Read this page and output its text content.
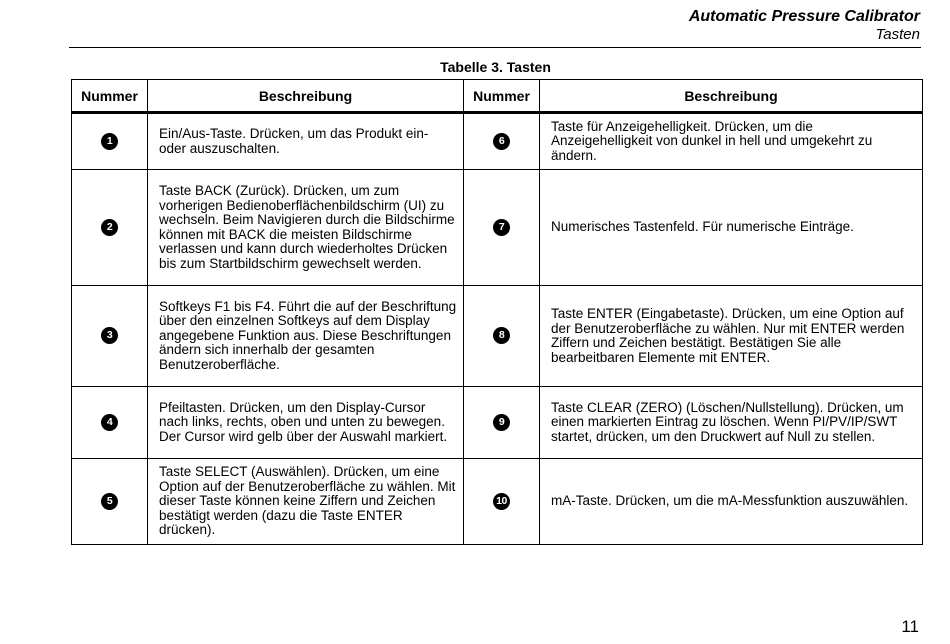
Automatic Pressure Calibrator
Tasten
Tabelle 3. Tasten
Nummer	Beschreibung	Nummer	Beschreibung
1	Ein/Aus-Taste. Drücken, um das Produkt ein- oder auszuschalten.	6	Taste für Anzeigehelligkeit. Drücken, um die Anzeigehelligkeit von dunkel in hell und umgekehrt zu ändern.
2	Taste BACK (Zurück). Drücken, um zum vorherigen Bedienoberflächenbildschirm (UI) zu wechseln. Beim Navigieren durch die Bildschirme können mit BACK die meisten Bildschirme verlassen und kann durch wiederholtes Drücken bis zum Startbildschirm gewechselt werden.	7	Numerisches Tastenfeld. Für numerische Einträge.
3	Softkeys F1 bis F4. Führt die auf der Beschriftung über den einzelnen Softkeys auf dem Display angegebene Funktion aus. Diese Beschriftungen ändern sich innerhalb der gesamten Benutzeroberfläche.	8	Taste ENTER (Eingabetaste). Drücken, um eine Option auf der Benutzeroberfläche zu wählen. Nur mit ENTER werden Ziffern und Zeichen bestätigt. Bestätigen Sie alle bearbeitbaren Elemente mit ENTER.
4	Pfeiltasten. Drücken, um den Display-Cursor nach links, rechts, oben und unten zu bewegen. Der Cursor wird gelb über der Auswahl markiert.	9	Taste CLEAR (ZERO) (Löschen/Nullstellung). Drücken, um einen markierten Eintrag zu löschen. Wenn PI/PV/IP/SWT startet, drücken, um den Druckwert auf Null zu stellen.
5	Taste SELECT (Auswählen). Drücken, um eine Option auf der Benutzeroberfläche zu wählen. Mit dieser Taste können keine Ziffern und Zeichen bestätigt werden (dazu die Taste ENTER drücken).	10	mA-Taste. Drücken, um die mA-Messfunktion auszuwählen.
11
